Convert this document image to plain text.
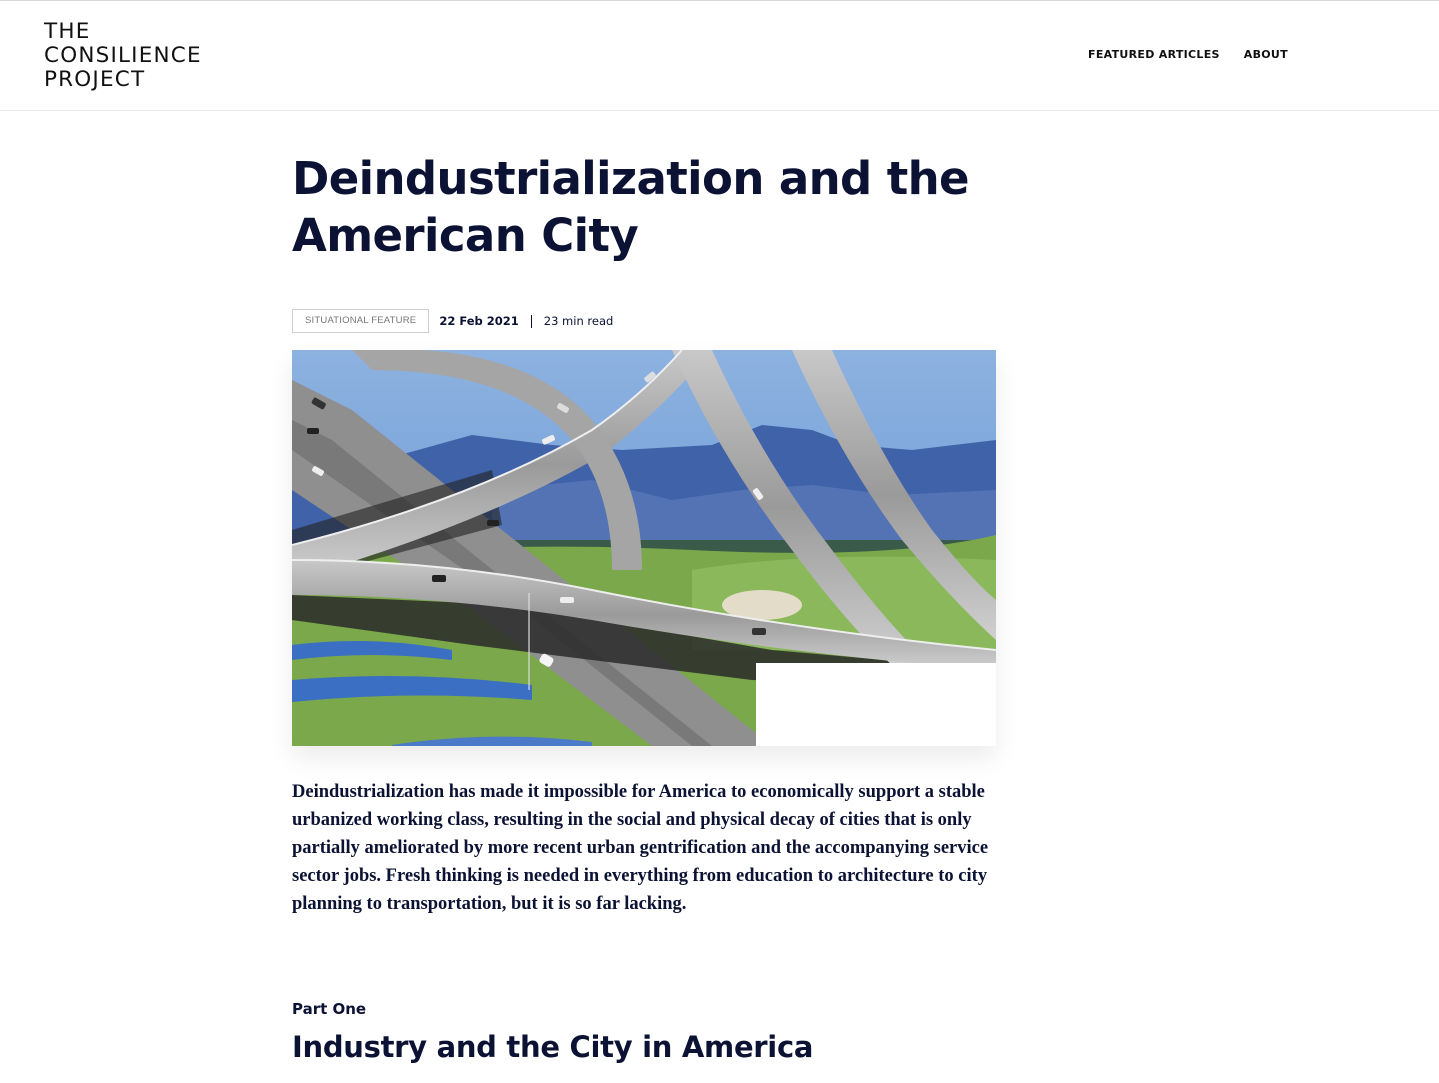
THE
CONSILIENCE
PROJECT
FEATURED ARTICLES ABOUT
Deindustrialization and the American City
SITUATIONAL FEATURE	22 Feb 2021 23 min read

Deindustrialization has made it impossible for America to economically support a stable urbanized working class, resulting in the social and physical decay of cities that is only partially ameliorated by more recent urban gentrification and the accompanying service sector jobs. Fresh thinking is needed in everything from education to architecture to city planning to transportation, but it is so far lacking.

Part One
Industry and the City in America
